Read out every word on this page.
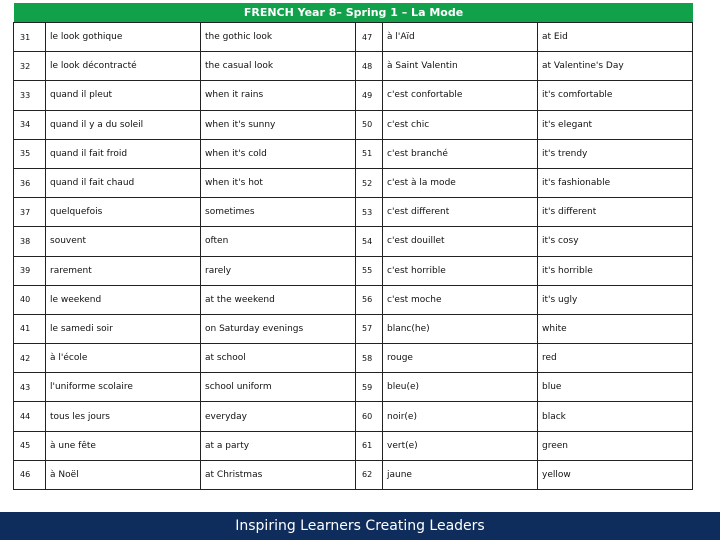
FRENCH Year 8– Spring 1 – La Mode
31	le look gothique	the gothic look	47	à l'Aïd	at Eid
32	le look décontracté	the casual look	48	à Saint Valentin	at Valentine's Day
33	quand il pleut	when it rains	49	c'est confortable	it's comfortable
34	quand il y a du soleil	when it's sunny	50	c'est chic	it's elegant
35	quand il fait froid	when it's cold	51	c'est branché	it's trendy
36	quand il fait chaud	when it's hot	52	c'est à la mode	it's fashionable
37	quelquefois	sometimes	53	c'est different	it's different
38	souvent	often	54	c'est douillet	it's cosy
39	rarement	rarely	55	c'est horrible	it's horrible
40	le weekend	at the weekend	56	c'est moche	it's ugly
41	le samedi soir	on Saturday evenings	57	blanc(he)	white
42	à l'école	at school	58	rouge	red
43	l'uniforme scolaire	school uniform	59	bleu(e)	blue
44	tous les jours	everyday	60	noir(e)	black
45	à une fête	at a party	61	vert(e)	green
46	à Noël	at Christmas	62	jaune	yellow
Inspiring Learners Creating Leaders
